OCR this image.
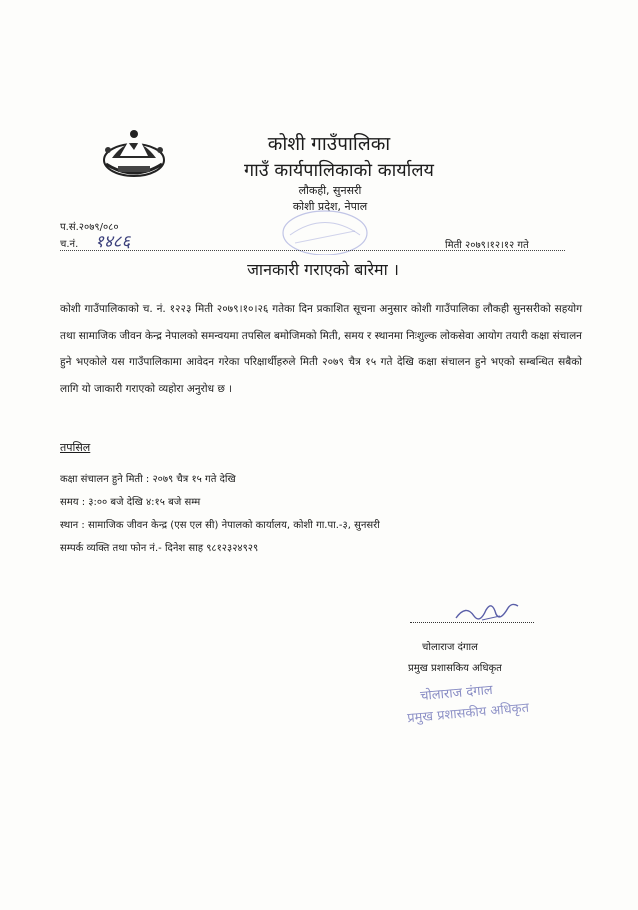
कोशी गाउँपालिका
गाउँ कार्यपालिकाको कार्यालय
लौकही, सुनसरी
कोशी प्रदेश, नेपाल
प.सं.२०७९/०८०
च.नं. १४८६	मिती २०७९।१२।१२ गते
जानकारी गराएको बारेमा ।
कोशी गाउँपालिकाको च. नं. १२२३ मिती २०७९।१०।२६ गतेका दिन प्रकाशित सूचना अनुसार कोशी गाउँपालिका लौकही सुनसरीको सहयोग तथा सामाजिक जीवन केन्द्र नेपालको समन्वयमा तपसिल बमोजिमको मिती, समय र स्थानमा निःशुल्क लोकसेवा आयोग तयारी कक्षा संचालन हुने भएकोले यस गाउँपालिकामा आवेदन गरेका परिक्षार्थीहरुले मिती २०७९ चैत्र १५ गते देखि कक्षा संचालन हुने भएको सम्बन्धित सबैको लागि यो जाकारी गराएको व्यहोरा अनुरोध छ ।
तपसिल
कक्षा संचालन हुने मिती : २०७९ चैत्र १५ गते देखि
समय : ३:०० बजे देखि ४:१५ बजे सम्म
स्थान : सामाजिक जीवन केन्द्र (एस एल सी) नेपालको कार्यालय, कोशी गा.पा.-३, सुनसरी
सम्पर्क व्यक्ति तथा फोन नं.- दिनेश साह ९८१२३२४९२९
चोलाराज दंगाल
प्रमुख प्रशासकिय अधिकृत
चोलाराज दंगाल
प्रमुख प्रशासकीय अधिकृत
